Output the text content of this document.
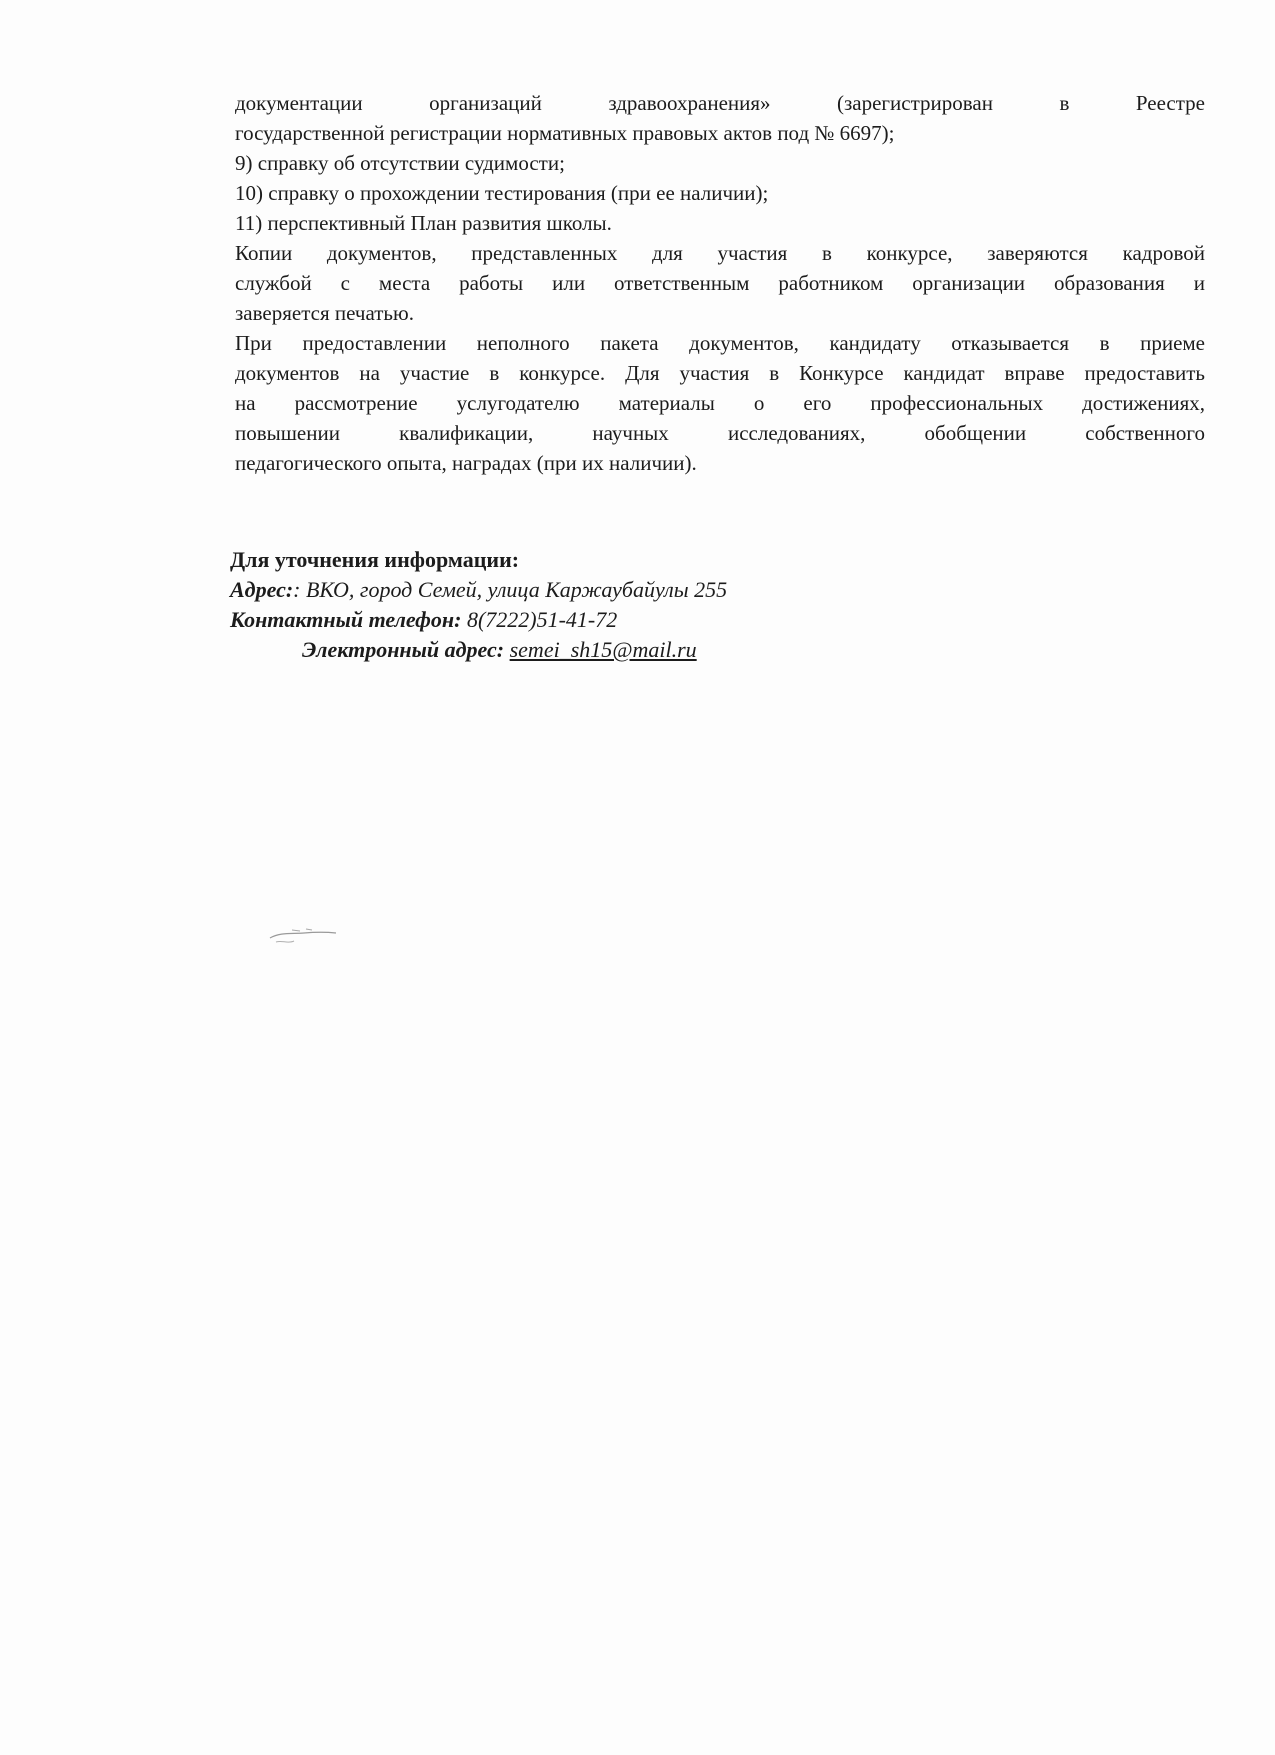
документации организаций здравоохранения» (зарегистрирован в Реестре
государственной регистрации нормативных правовых актов под № 6697);
9) справку об отсутствии судимости;
10) справку о прохождении тестирования (при ее наличии);
11) перспективный План развития школы.
Копии документов, представленных для участия в конкурсе, заверяются кадровой
службой с места работы или ответственным работником организации образования и
заверяется печатью.
При предоставлении неполного пакета документов, кандидату отказывается в приеме
документов на участие в конкурсе. Для участия в Конкурсе кандидат вправе предоставить
на рассмотрение услугодателю материалы о его профессиональных достижениях,
повышении квалификации, научных исследованиях, обобщении собственного
педагогического опыта, наградах (при их наличии).
Для уточнения информации:
Адрес:: ВКО, город Семей, улица Каржаубайулы 255
Контактный телефон: 8(7222)51-41-72
Электронный адрес: semei_sh15@mail.ru
